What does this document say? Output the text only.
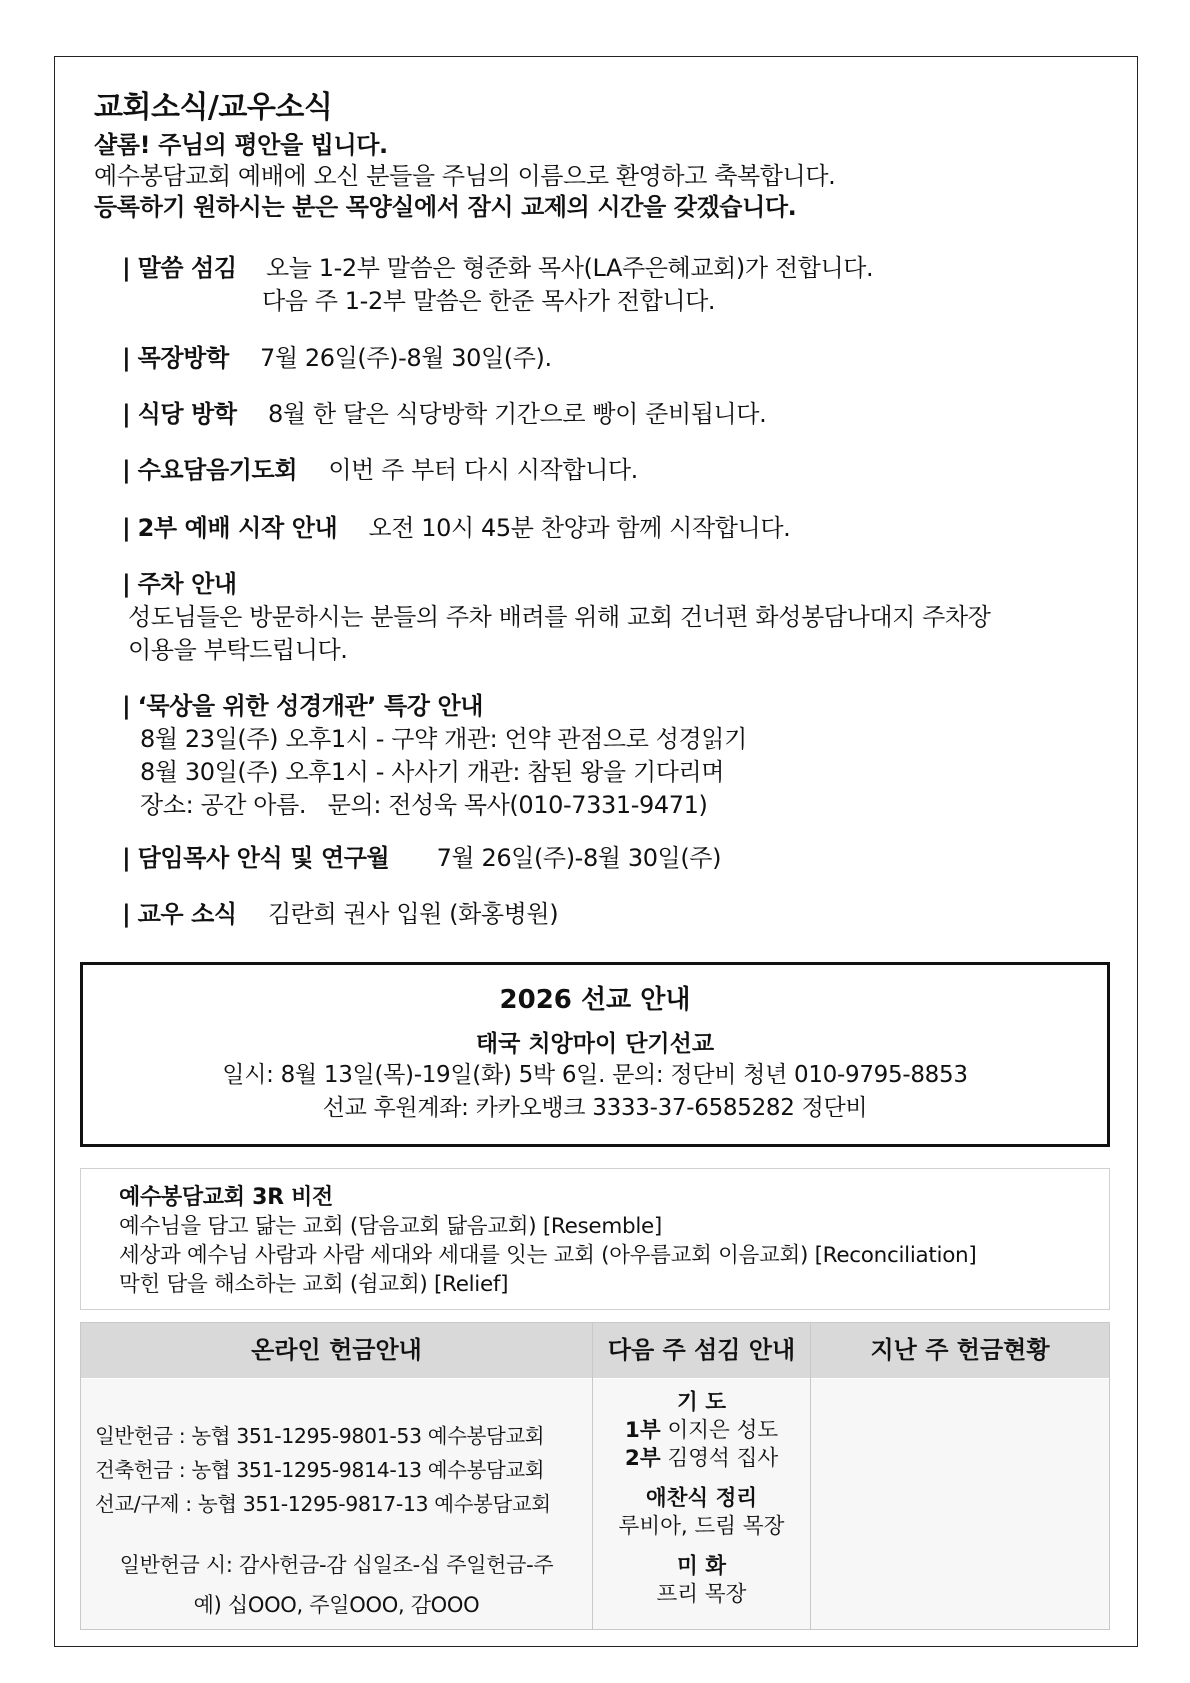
교회소식/교우소식
샬롬! 주님의 평안을 빕니다.
예수봉담교회 예배에 오신 분들을 주님의 이름으로 환영하고 축복합니다.
등록하기 원하시는 분은 목양실에서 잠시 교제의 시간을 갖겠습니다.
| 말씀 섬김 오늘 1-2부 말씀은 형준화 목사(LA주은혜교회)가 전합니다.
다음 주 1-2부 말씀은 한준 목사가 전합니다.
| 목장방학 7월 26일(주)-8월 30일(주).
| 식당 방학 8월 한 달은 식당방학 기간으로 빵이 준비됩니다.
| 수요담음기도회 이번 주 부터 다시 시작합니다.
| 2부 예배 시작 안내 오전 10시 45분 찬양과 함께 시작합니다.
| 주차 안내
성도님들은 방문하시는 분들의 주차 배려를 위해 교회 건너편 화성봉담나대지 주차장
이용을 부탁드립니다.
| ‘묵상을 위한 성경개관’ 특강 안내
8월 23일(주) 오후1시 - 구약 개관: 언약 관점으로 성경읽기
8월 30일(주) 오후1시 - 사사기 개관: 참된 왕을 기다리며
장소: 공간 아름.   문의: 전성욱 목사(010-7331-9471)
| 담임목사 안식 및 연구월 7월 26일(주)-8월 30일(주)
| 교우 소식 김란희 권사 입원 (화홍병원)
2026 선교 안내
태국 치앙마이 단기선교
일시: 8월 13일(목)-19일(화) 5박 6일. 문의: 정단비 청년 010-9795-8853
선교 후원계좌: 카카오뱅크 3333-37-6585282 정단비
예수봉담교회 3R 비전
예수님을 담고 닮는 교회 (담음교회 닮음교회) [Resemble]
세상과 예수님 사람과 사람 세대와 세대를 잇는 교회 (아우름교회 이음교회) [Reconciliation]
막힌 담을 해소하는 교회 (쉼교회) [Relief]
온라인 헌금안내	다음 주 섬김 안내	지난 주 헌금현황
일반헌금 : 농협 351-1295-9801-53 예수봉담교회
건축헌금 : 농협 351-1295-9814-13 예수봉담교회
선교/구제 : 농협 351-1295-9817-13 예수봉담교회
일반헌금 시: 감사헌금-감 십일조-십 주일헌금-주
예) 십OOO, 주일OOO, 감OOO
기 도
1부 이지은 성도
2부 김영석 집사
애찬식 정리
루비아, 드림 목장
미 화
프리 목장
